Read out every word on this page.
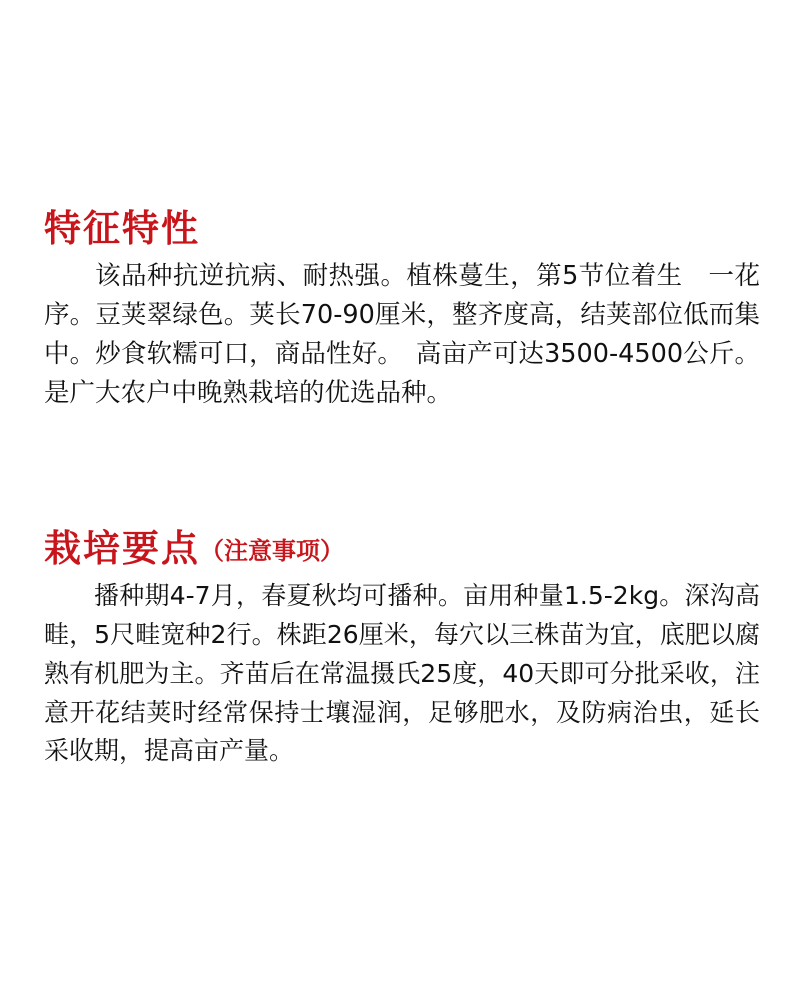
特征特性

该品种抗逆抗病、耐热强。植株蔓生，第5节位着生　一花序。豆荚翠绿色。荚长70-90厘米，整齐度高，结荚部位低而集中。炒食软糯可口，商品性好。　高亩产可达3500-4500公斤。是广大农户中晚熟栽培的优选品种。

栽培要点（注意事项）

播种期4-7月，春夏秋均可播种。亩用种量1.5-2kg。深沟高畦，5尺畦宽种2行。株距26厘米，每穴以三株苗为宜，底肥以腐熟有机肥为主。齐苗后在常温摄氏25度，40天即可分批采收，注意开花结荚时经常保持士壤湿润，足够肥水，及防病治虫，延长采收期，提高亩产量。
